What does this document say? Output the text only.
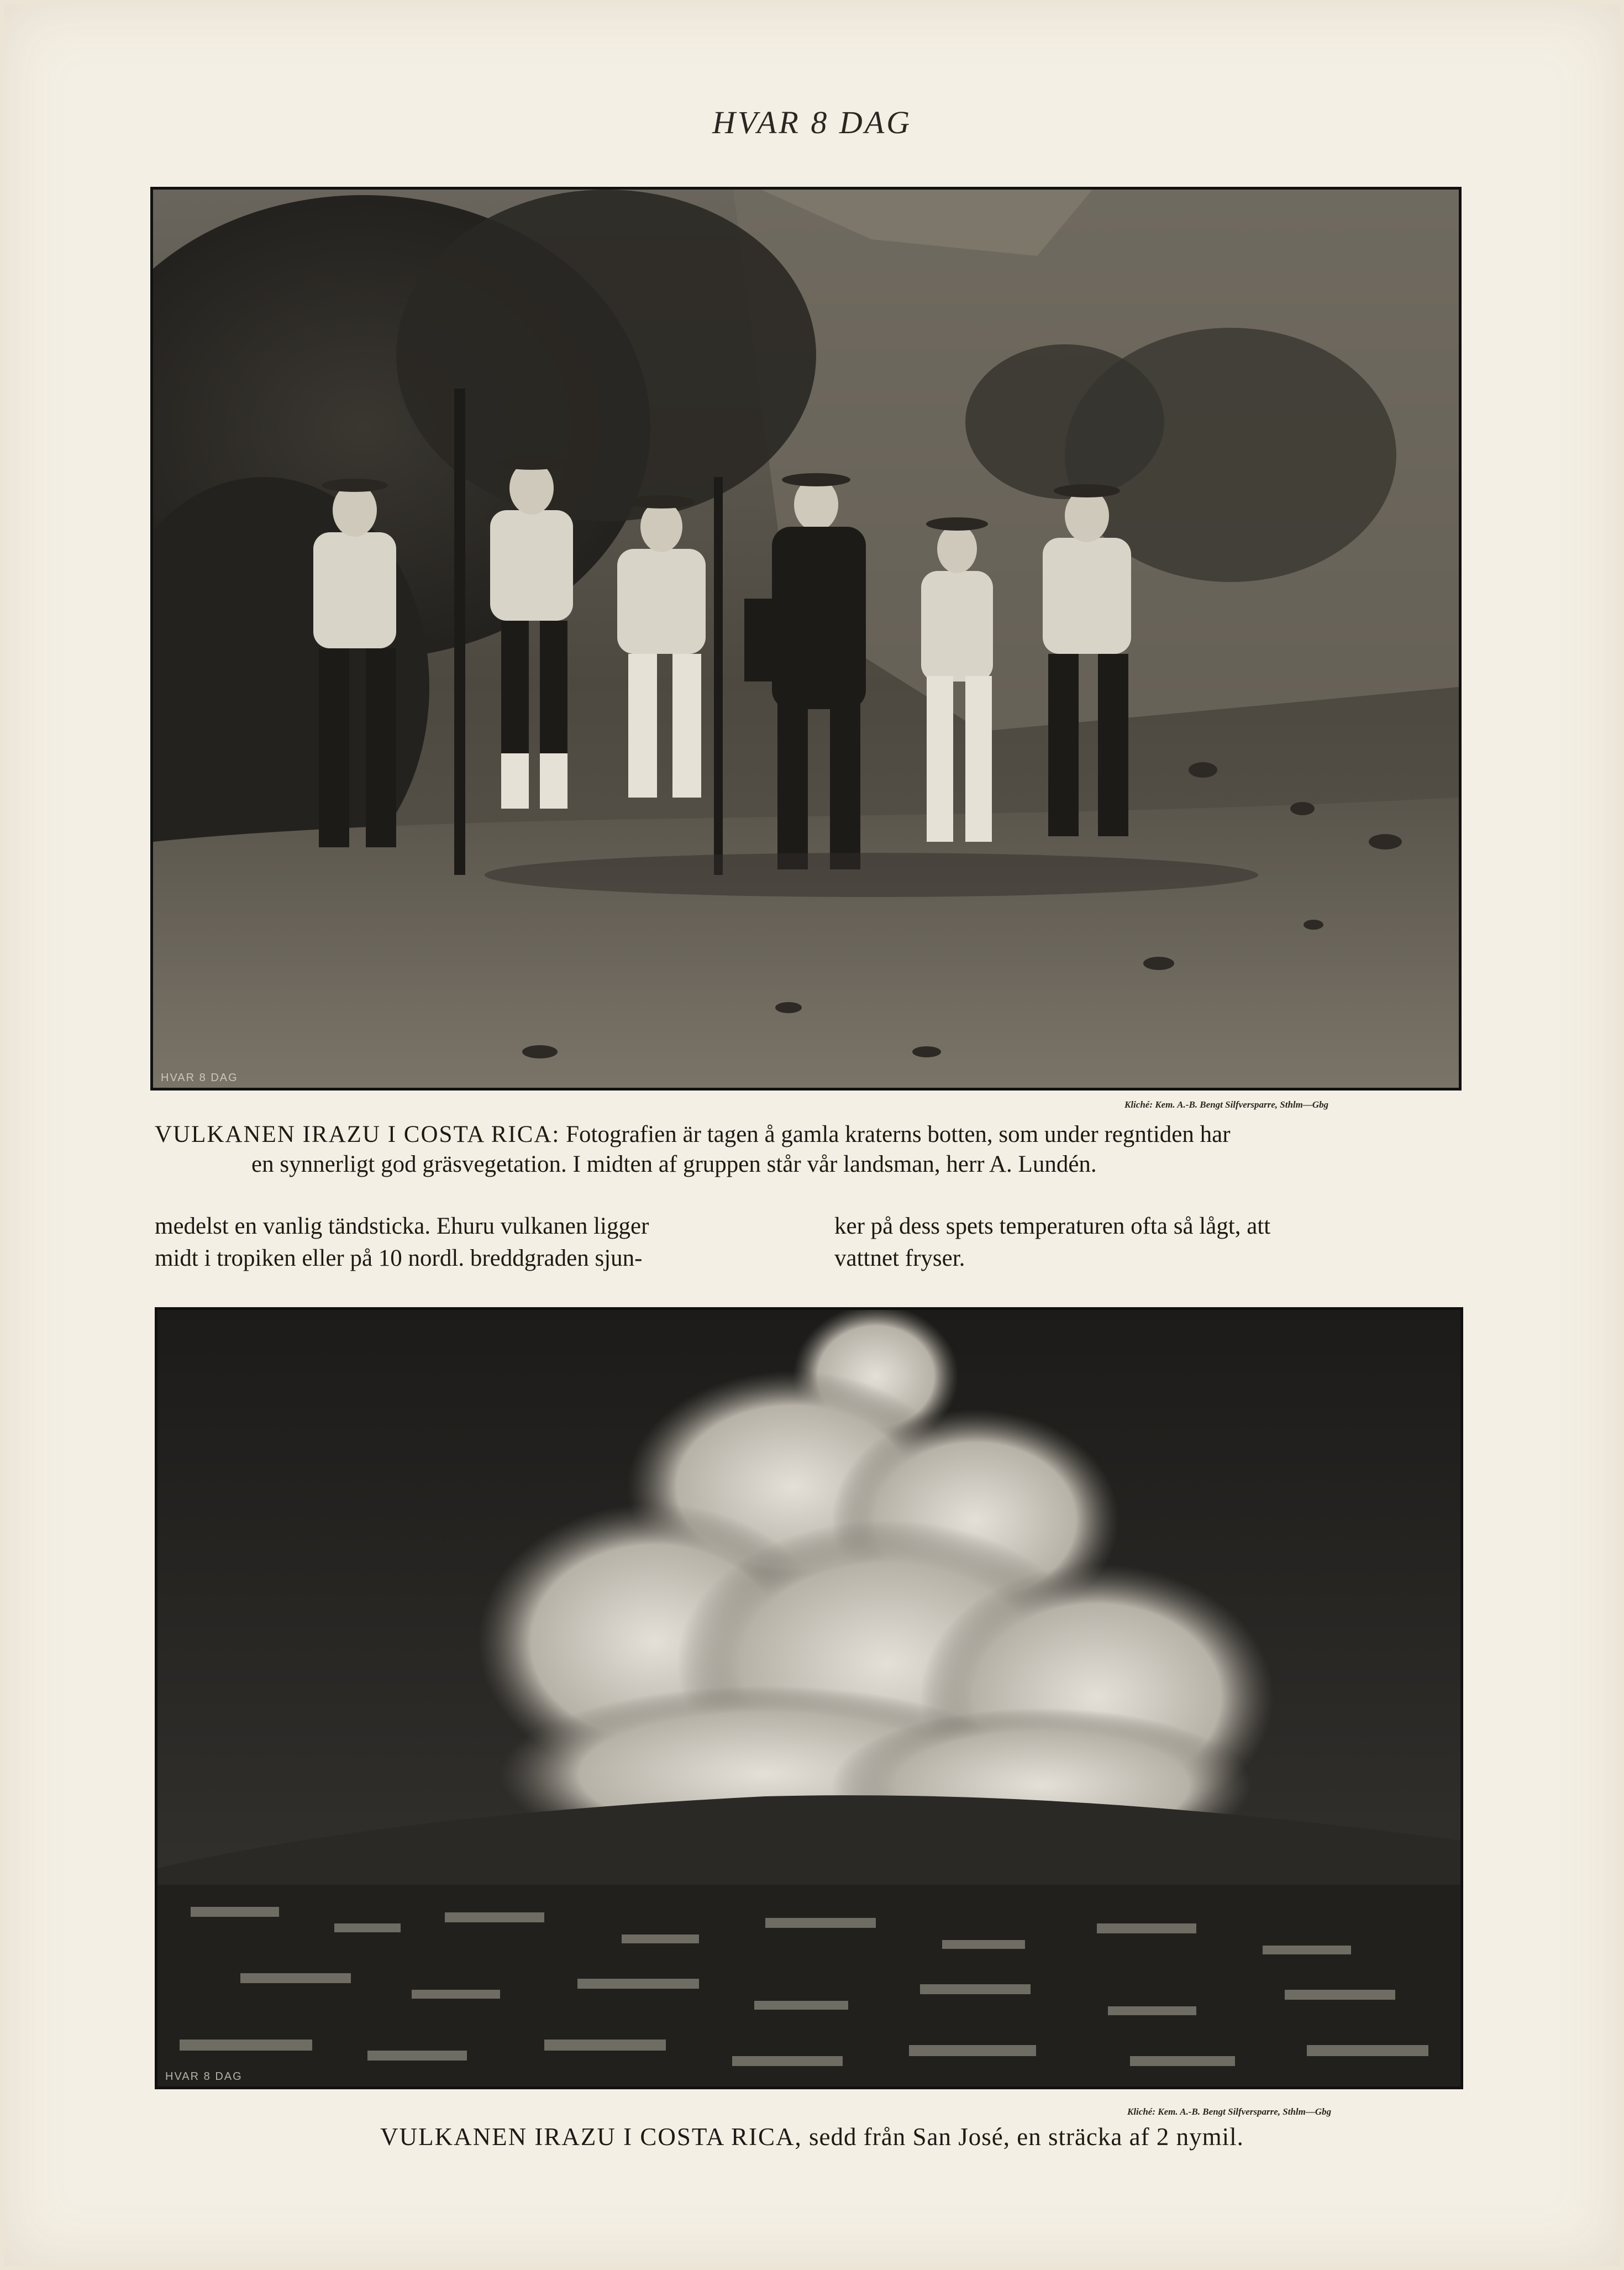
HVAR 8 DAG
HVAR 8 DAG
Kliché: Kem. A.-B. Bengt Silfversparre, Sthlm—Gbg
VULKANEN IRAZU I COSTA RICA: Fotografien är tagen å gamla kraterns botten, som under regntiden har
en synnerligt god gräsvegetation. I midten af gruppen står vår landsman, herr A. Lundén.
medelst en vanlig tändsticka. Ehuru vulkanen ligger
midt i tropiken eller på 10 nordl. breddgraden sjun-
ker på dess spets temperaturen ofta så lågt, att
vattnet fryser.
HVAR 8 DAG
Kliché: Kem. A.-B. Bengt Silfversparre, Sthlm—Gbg
VULKANEN IRAZU I COSTA RICA, sedd från San José, en sträcka af 2 nymil.
